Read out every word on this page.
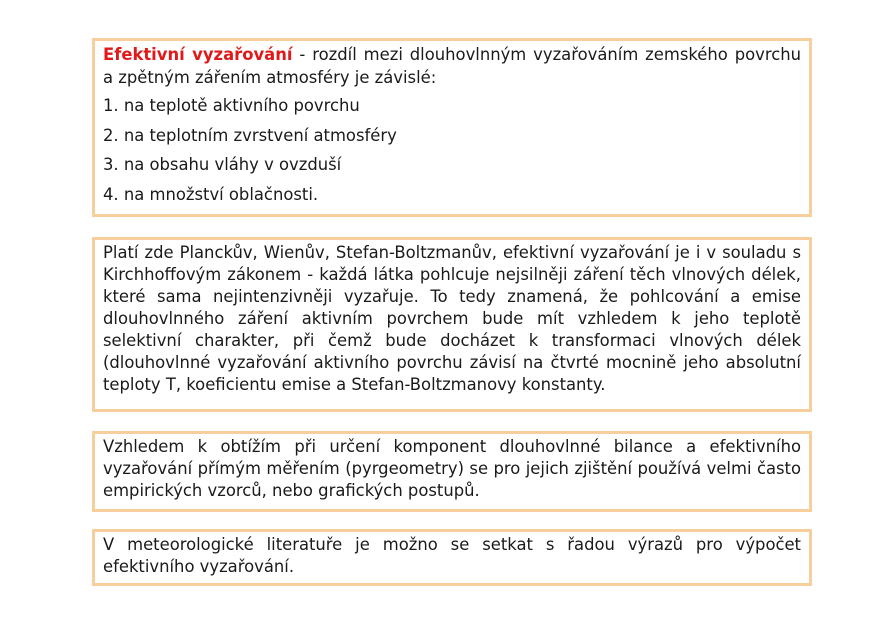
Efektivní vyzařování - rozdíl mezi dlouhovlnným vyzařováním zemského povrchu a zpětným zářením atmosféry je závislé:

1. na teplotě aktivního povrchu
2. na teplotním zvrstvení atmosféry
3. na obsahu vláhy v ovzduší
4. na množství oblačnosti.

Platí zde Planckův, Wienův, Stefan-Boltzmanův, efektivní vyzařování je i v souladu s Kirchhoffovým zákonem - každá látka pohlcuje nejsilněji záření těch vlnových délek, které sama nejintenzivněji vyzařuje. To tedy znamená, že pohlcování a emise dlouhovlnného záření aktivním povrchem bude mít vzhledem k jeho teplotě selektivní charakter, při čemž bude docházet k transformaci vlnových délek (dlouhovlnné vyzařování aktivního povrchu závisí na čtvrté mocnině jeho absolutní teploty T, koeficientu emise a Stefan-Boltzmanovy konstanty.

Vzhledem k obtížím při určení komponent dlouhovlnné bilance a efektivního vyzařování přímým měřením (pyrgeometry) se pro jejich zjištění používá velmi často empirických vzorců, nebo grafických postupů.

V meteorologické literatuře je možno se setkat s řadou výrazů pro výpočet efektivního vyzařování.
